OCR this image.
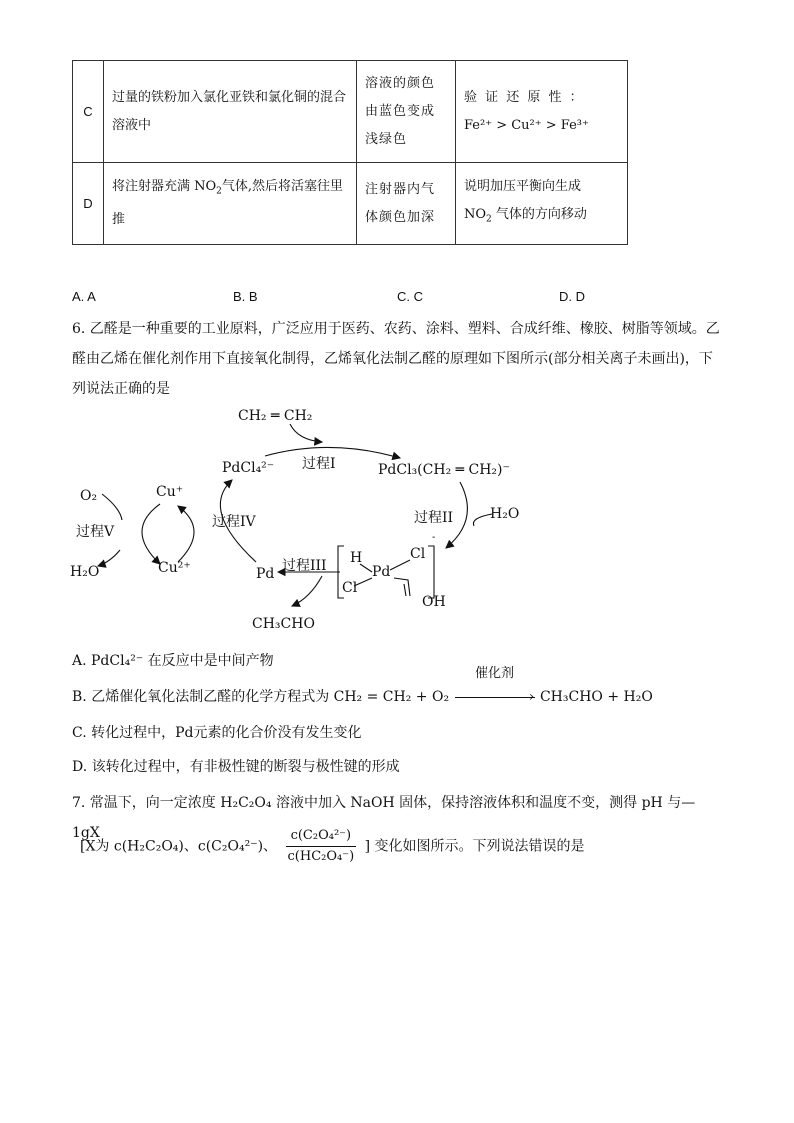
C	过量的铁粉加入氯化亚铁和氯化铜的混合溶液中	溶液的颜色由蓝色变成浅绿色	验 证 还 原 性 ：
Fe²⁺ > Cu²⁺ > Fe³⁺

D	将注射器充满 $NO_2$气体,然后将活塞往里推	注射器内气体颜色加深	说明加压平衡向生成
$NO_2$ 气体的方向移动
A. A	B. B	C. C	D. D
6. 乙醛是一种重要的工业原料，广泛应用于医药、农药、涂料、塑料、合成纤维、橡胶、树脂等领域。乙
醛由乙烯在催化剂作用下直接氧化制得，乙烯氧化法制乙醛的原理如下图所示(部分相关离子未画出)，下
列说法正确的是
CH₂ ═ CH₂
过程I
PdCl₄²⁻	PdCl₃(CH₂ ═ CH₂)⁻
过程II	H₂O
O₂	Cu⁺
过程V
过程IV
H₂O	Cu²⁺	Pd 过程III H
Pd
Cl
Cl
OH
-
CH₃CHO
A. PdCl₄²⁻ 在反应中是中间产物
B. 乙烯催化氧化法制乙醛的化学方程式为 CH₂ = CH₂ + O₂
催化剂
› CH₃CHO + H₂O
C. 转化过程中，Pd元素的化合价没有发生变化
D. 该转化过程中，有非极性键的断裂与极性键的形成
7. 常温下，向一定浓度 H₂C₂O₄ 溶液中加入 NaOH 固体，保持溶液体积和温度不变，测得 pH 与—1gX
[X为 c(H₂C₂O₄)、c(C₂O₄²⁻)、 $\frac{\text{c(C₂O₄²⁻)}}{\text{c(HC₂O₄⁻)}}$ ] 变化如图所示。下列说法错误的是
